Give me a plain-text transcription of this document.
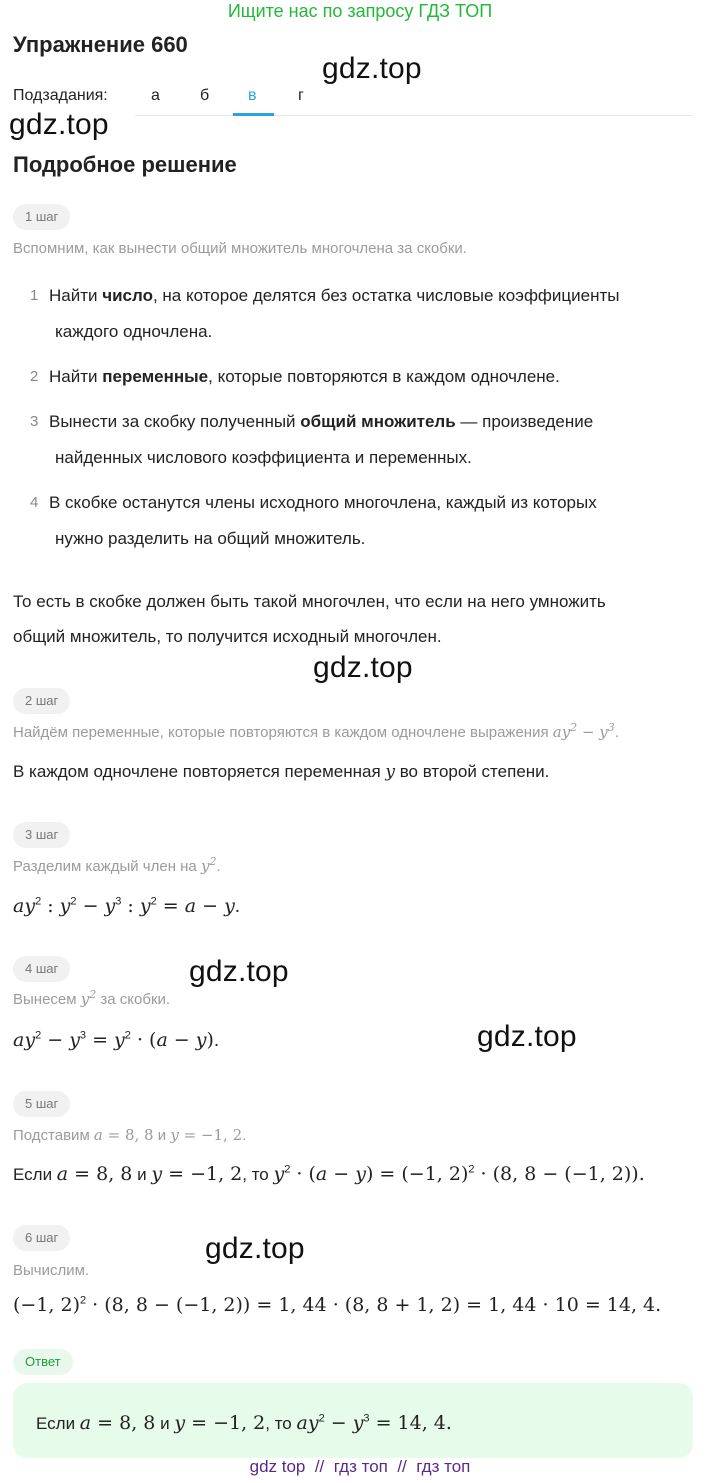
Ищите нас по запросу ГДЗ ТОП
Упражнение 660
gdz.top
gdz.top
Подзадания:	а	б в	г
Подробное решение
1 шаг
Вспомним, как вынести общий множитель многочлена за скобки.
1 Найти число, на которое делятся без остатка числовые коэффициенты
каждого одночлена.
2 Найти переменные, которые повторяются в каждом одночлене.
3 Вынести за скобку полученный общий множитель — произведение
найденных числового коэффициента и переменных.
4 В скобке останутся члены исходного многочлена, каждый из которых
нужно разделить на общий множитель.
То есть в скобке должен быть такой многочлен, что если на него умножить
общий множитель, то получится исходный многочлен.
gdz.top
2 шаг
Найдём переменные, которые повторяются в каждом одночлене выражения $ay^2 - y^3$.
В каждом одночлене повторяется переменная y во второй степени.
3 шаг
Разделим каждый член на $y^2$.
$ay^2$ : $y^2 - y^3$ : $y^2 = a - y$.
4 шаг	gdz.top
Вынесем $y^2$ за скобки.
$ay^2 - y^3 = y^2 \cdot (a - y)$.	gdz.top
5 шаг
Подставим a = 8, 8 и y = −1, 2.
Если a = 8, 8 и y = −1, 2, то $y^2 \cdot (a - y) = (-1$, 2)$^2$ · (8, 8 − (−1, 2)).
6 шаг	gdz.top
Вычислим.
(−1, 2)$^2$ · (8, 8 − (−1, 2)) = 1, 44 · (8, 8 + 1, 2) = 1, 44 · 10 = 14, 4.
Ответ
Если a = 8, 8 и y = −1, 2, то $ay^2 - y^3 = 14$, 4.
gdz top // гдз топ // гдз топ
